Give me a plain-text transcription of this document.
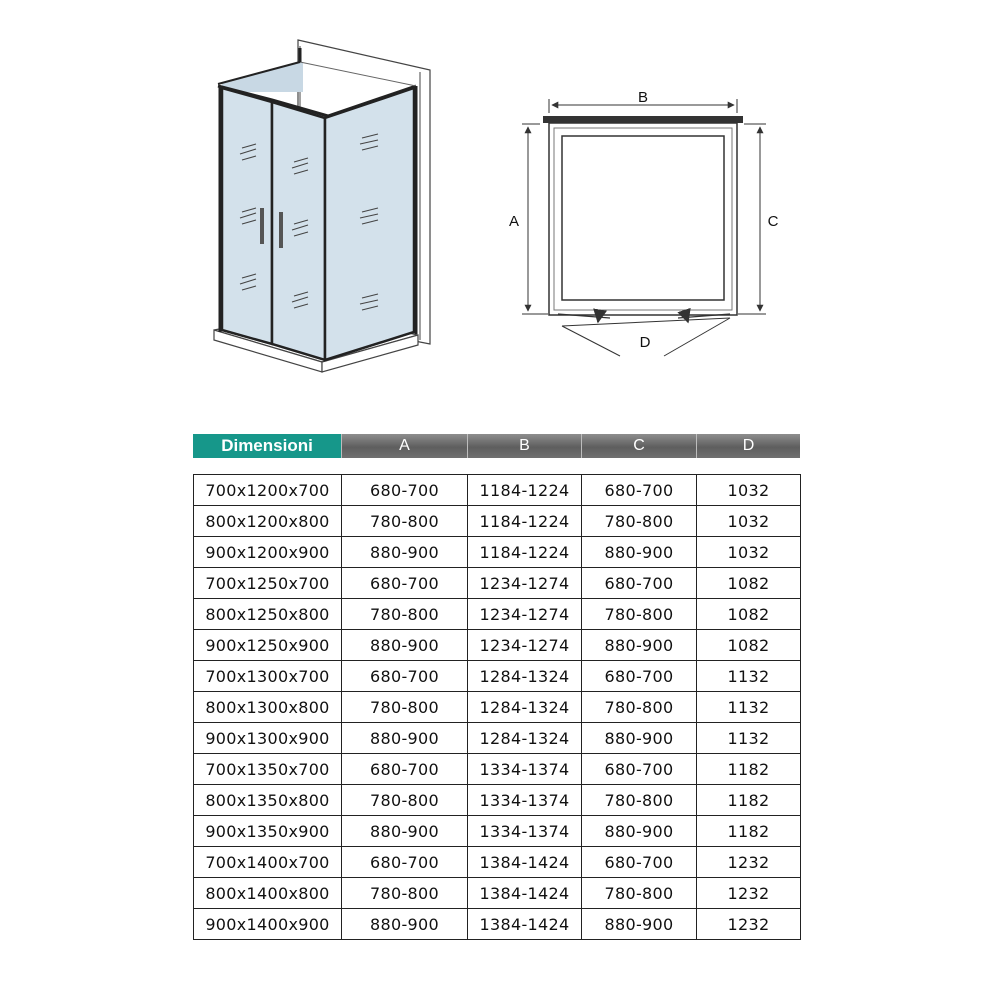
B
A	C
D
Dimensioni	A	B	C	D
700x1200x700	680-700	1184-1224	680-700	1032
800x1200x800	780-800	1184-1224	780-800	1032
900x1200x900	880-900	1184-1224	880-900	1032
700x1250x700	680-700	1234-1274	680-700	1082
800x1250x800	780-800	1234-1274	780-800	1082
900x1250x900	880-900	1234-1274	880-900	1082
700x1300x700	680-700	1284-1324	680-700	1132
800x1300x800	780-800	1284-1324	780-800	1132
900x1300x900	880-900	1284-1324	880-900	1132
700x1350x700	680-700	1334-1374	680-700	1182
800x1350x800	780-800	1334-1374	780-800	1182
900x1350x900	880-900	1334-1374	880-900	1182
700x1400x700	680-700	1384-1424	680-700	1232
800x1400x800	780-800	1384-1424	780-800	1232
900x1400x900	880-900	1384-1424	880-900	1232
